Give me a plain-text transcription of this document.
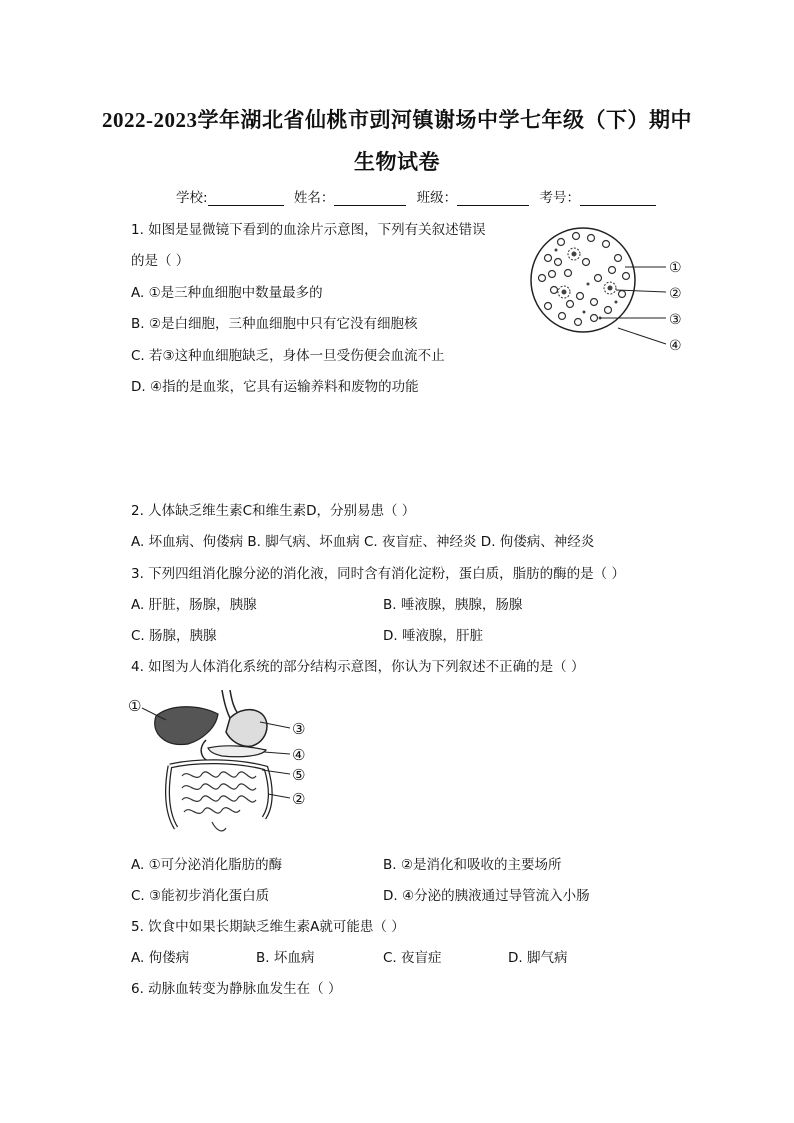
2022-2023学年湖北省仙桃市剅河镇谢场中学七年级（下）期中
生物试卷
学校:	姓名：	班级：	考号：
1. 如图是显微镜下看到的血涂片示意图，下列有关叙述错误
的是（ ）
A. ①是三种血细胞中数量最多的
B. ②是白细胞，三种血细胞中只有它没有细胞核
C. 若③这种血细胞缺乏，身体一旦受伤便会血流不止
D. ④指的是血浆，它具有运输养料和废物的功能
①
②
③
④
2. 人体缺乏维生素C和维生素D，分别易患（ ）
A. 坏血病、佝偻病 B. 脚气病、坏血病 C. 夜盲症、神经炎 D. 佝偻病、神经炎
3. 下列四组消化腺分泌的消化液，同时含有消化淀粉，蛋白质，脂肪的酶的是（ ）
A. 肝脏，肠腺，胰腺	B. 唾液腺，胰腺，肠腺
C. 肠腺，胰腺	D. 唾液腺，肝脏
4. 如图为人体消化系统的部分结构示意图，你认为下列叙述不正确的是（ ）
①
③
④
⑤
②
A. ①可分泌消化脂肪的酶	B. ②是消化和吸收的主要场所
C. ③能初步消化蛋白质	D. ④分泌的胰液通过导管流入小肠
5. 饮食中如果长期缺乏维生素A就可能患（ ）
A. 佝偻病	B. 坏血病	C. 夜盲症	D. 脚气病
6. 动脉血转变为静脉血发生在（ ）
